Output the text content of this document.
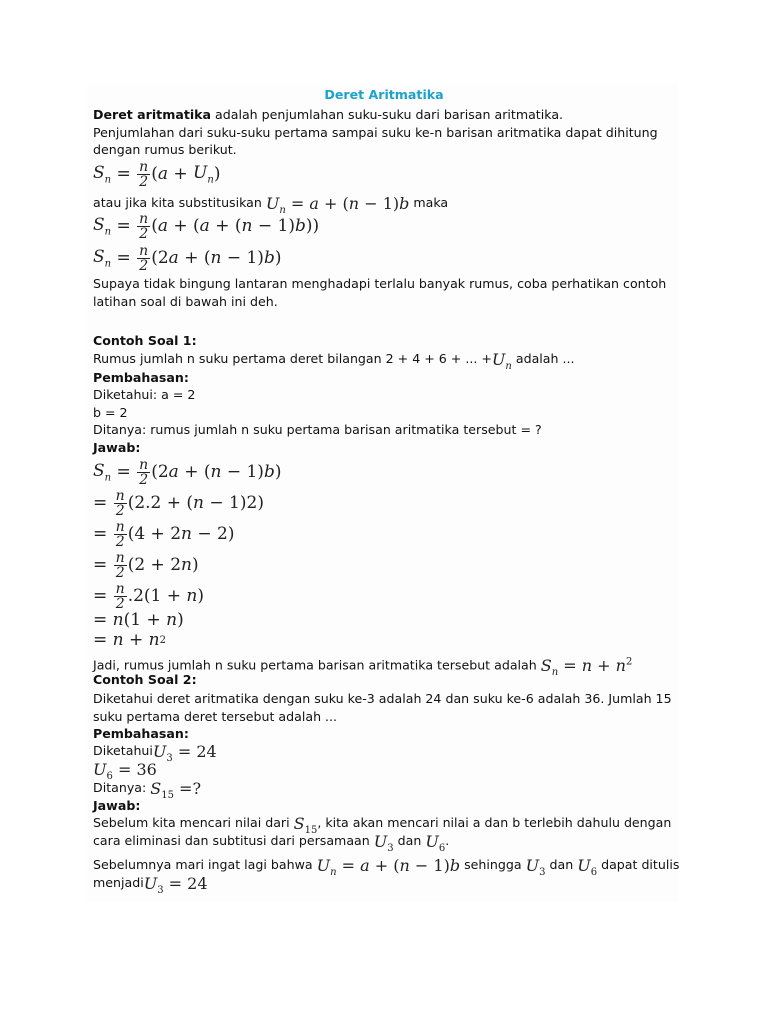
Deret Aritmatika
Deret aritmatika adalah penjumlahan suku-suku dari barisan aritmatika.
Penjumlahan dari suku-suku pertama sampai suku ke-n barisan aritmatika dapat dihitung
dengan rumus berikut.
$S_n = \frac{n}{2}$ ( $a + U_n$ )
atau jika kita substitusikan $U_n = a + (n - 1)b$ maka
$S_n = \frac{n}{2}$ ( a + ( a + ( n − 1) b ))
$S_n = \frac{n}{2} (2$ a + ( n − 1) b )
Supaya tidak bingung lantaran menghadapi terlalu banyak rumus, coba perhatikan contoh
latihan soal di bawah ini deh.
Contoh Soal 1:
Rumus jumlah n suku pertama deret bilangan 2 + 4 + 6 + ... $+U_n$ adalah ...
Pembahasan:
Diketahui: a = 2
b = 2
Ditanya: rumus jumlah n suku pertama barisan aritmatika tersebut = ?
Jawab:
$S_n = \frac{n}{2} (2$ a + ( n − 1) b )
= $\frac{n}{2} (2.2$ + ( n − 1)2)
= $\frac{n}{2} (4 + 2$ n − 2)
= $\frac{n}{2} (2 + 2$ n )
= $\frac{n}{2} .2(1 + n$ )
= n (1 + n )
= n + n 2
Jadi, rumus jumlah n suku pertama barisan aritmatika tersebut adalah $S_n = n + n^2$
Contoh Soal 2:
Diketahui deret aritmatika dengan suku ke-3 adalah 24 dan suku ke-6 adalah 36. Jumlah 15
suku pertama deret tersebut adalah ...
Pembahasan:
DiketahuiU$_3$ = 24
$U_6 = 36$
Ditanya: $S_{15}$ =?
Jawab:
Sebelum kita mencari nilai dari $S_{15}$, kita akan mencari nilai a dan b terlebih dahulu dengan
cara eliminasi dan subtitusi dari persamaan $U_3$ dan $U_6$.
Sebelumnya mari ingat lagi bahwa $U_n = a + (n - 1)b$ sehingga $U_3$ dan $U_6$ dapat ditulis
menjadiU$_3$ = 24
